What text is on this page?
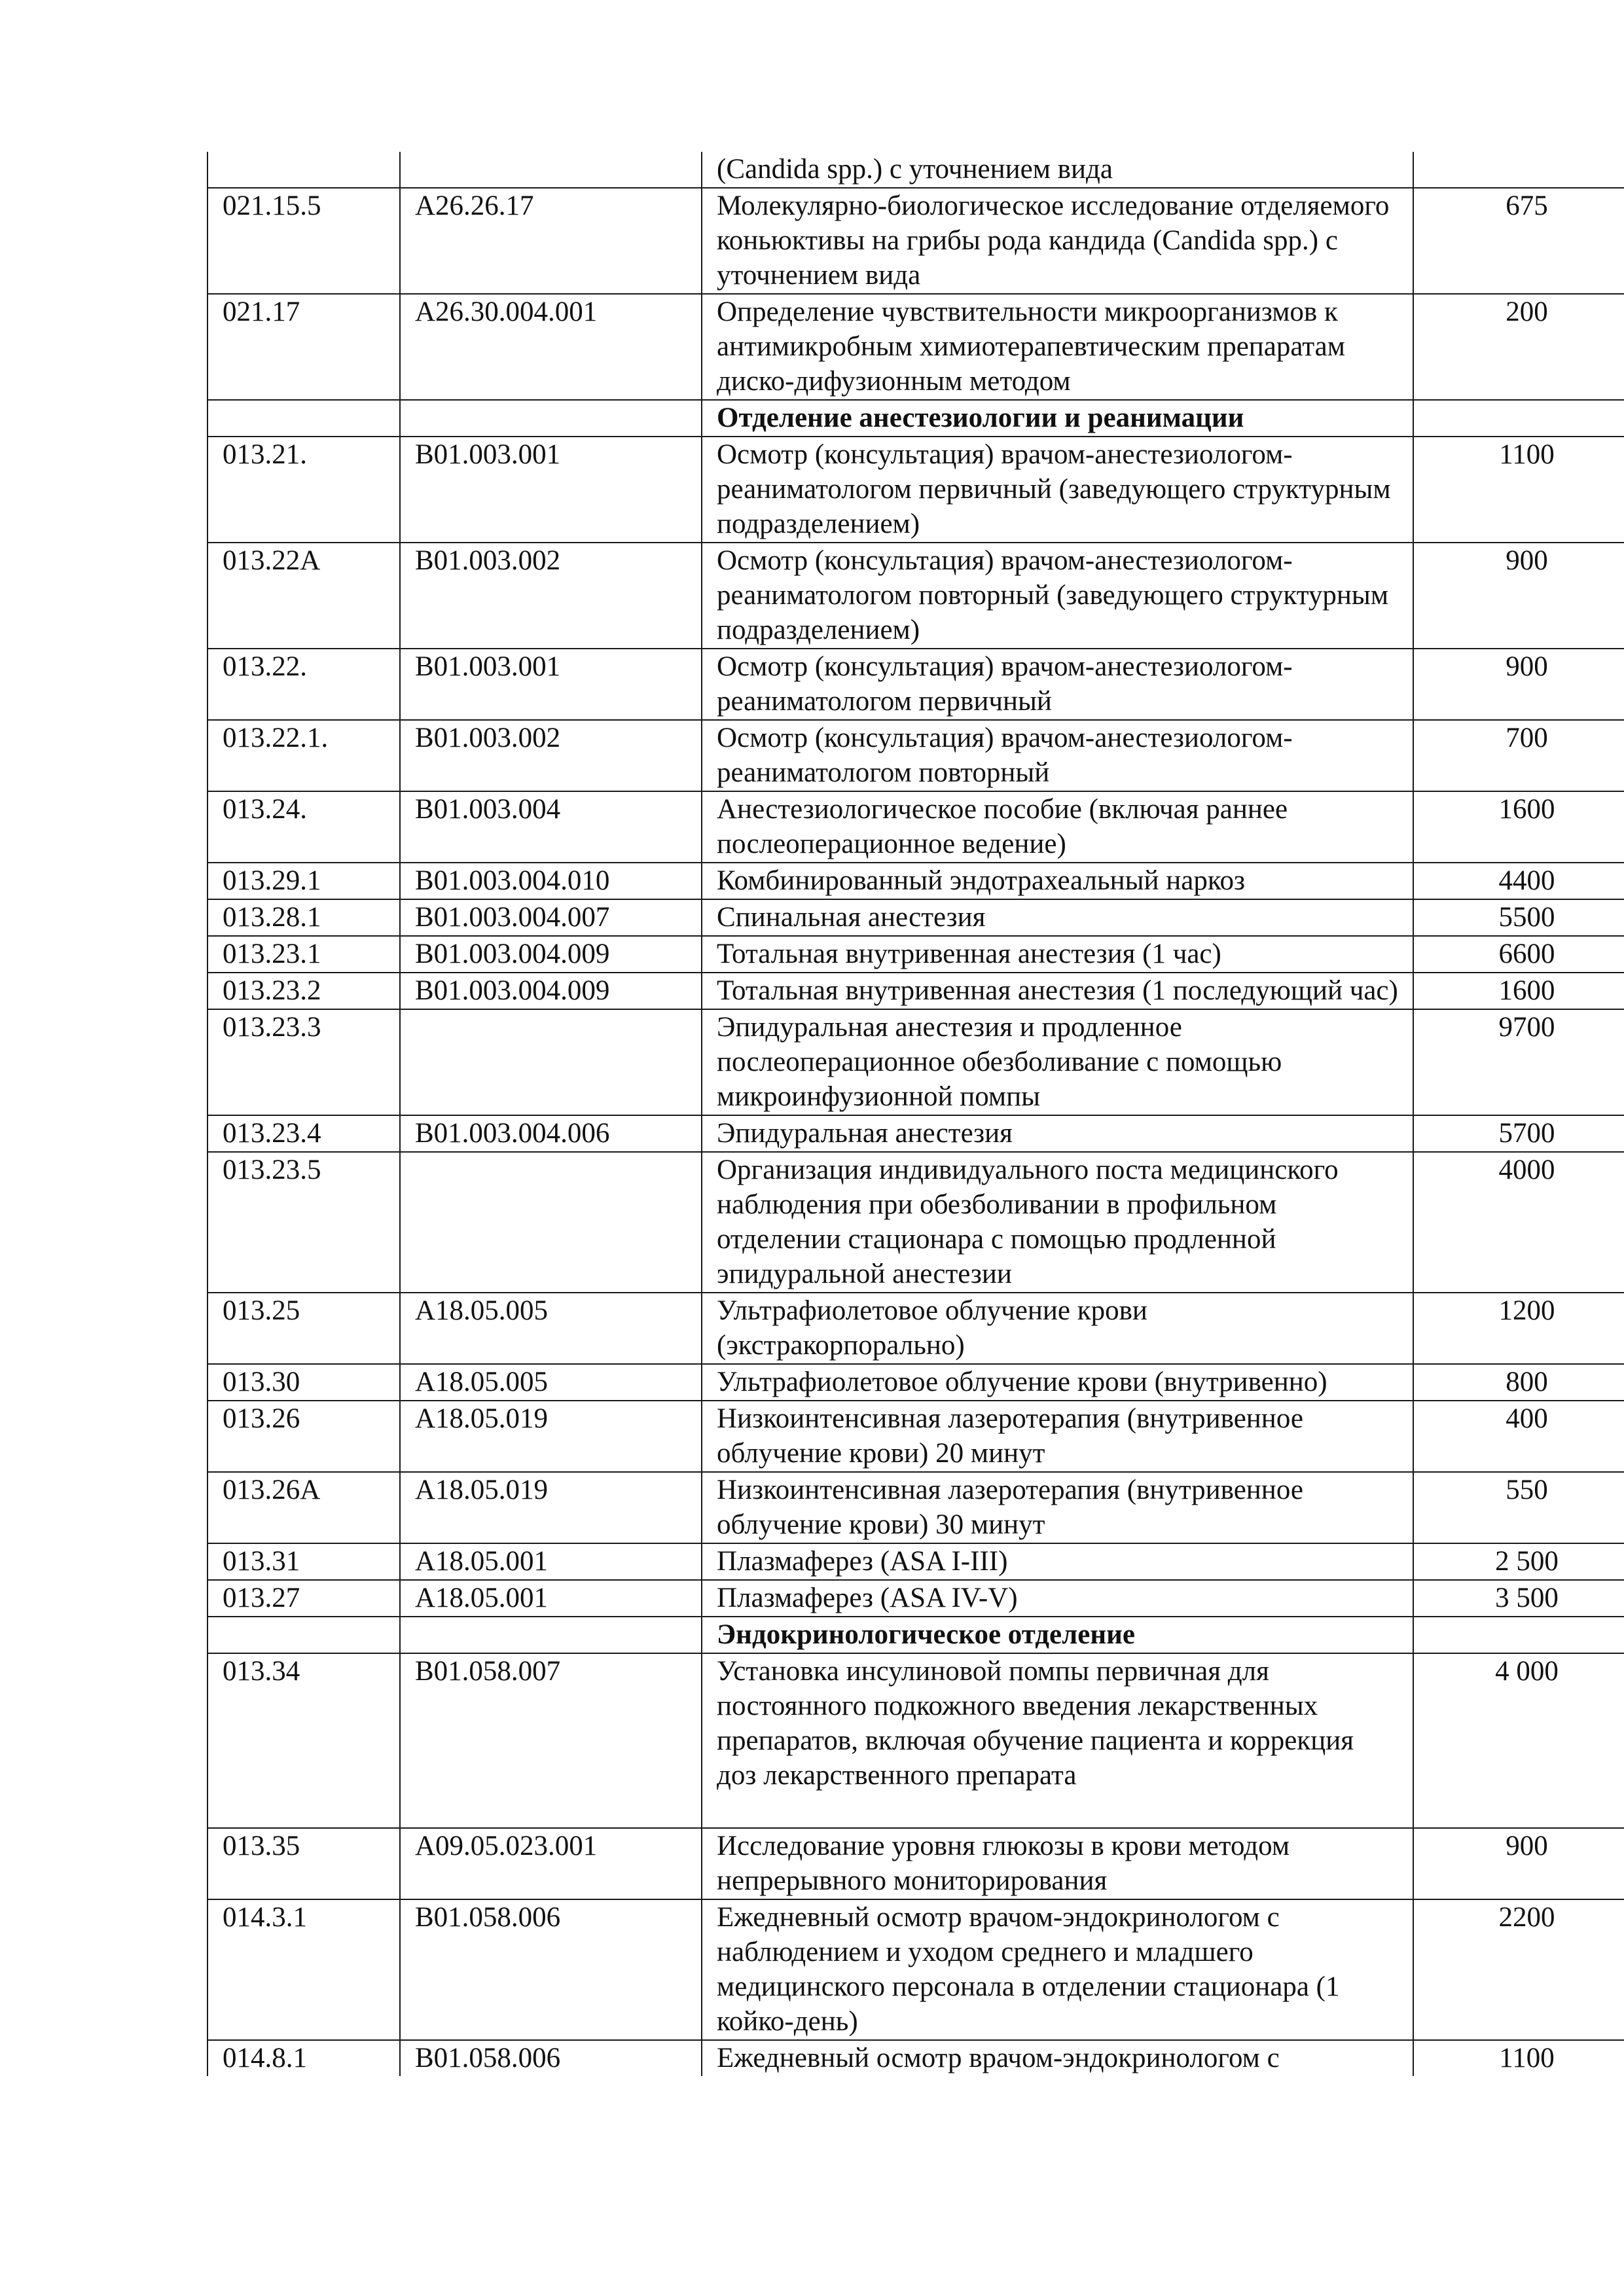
		(Candida spp.) с уточнением вида	
021.15.5	А26.26.17	Молекулярно-биологическое исследование отделяемого коньюктивы на грибы рода кандида (Candida spp.) с уточнением вида	675
021.17	А26.30.004.001	Определение чувствительности микроорганизмов к антимикробным химиотерапевтическим препаратам диско-дифузионным методом	200
		Отделение анестезиологии и реанимации	
013.21.	В01.003.001	Осмотр (консультация) врачом-анестезиологом-реаниматологом первичный (заведующего структурным подразделением)	1100
013.22А	В01.003.002	Осмотр (консультация) врачом-анестезиологом-реаниматологом повторный (заведующего структурным подразделением)	900
013.22.	В01.003.001	Осмотр (консультация) врачом-анестезиологом-реаниматологом первичный	900
013.22.1.	В01.003.002	Осмотр (консультация) врачом-анестезиологом-реаниматологом повторный	700
013.24.	В01.003.004	Анестезиологическое пособие (включая раннее послеоперационное ведение)	1600
013.29.1	В01.003.004.010	Комбинированный эндотрахеальный наркоз	4400
013.28.1	В01.003.004.007	Спинальная анестезия	5500
013.23.1	В01.003.004.009	Тотальная внутривенная анестезия (1 час)	6600
013.23.2	В01.003.004.009	Тотальная внутривенная анестезия (1 последующий час)	1600
013.23.3		Эпидуральная анестезия и продленное послеоперационное обезболивание с помощью микроинфузионной помпы	9700
013.23.4	В01.003.004.006	Эпидуральная анестезия	5700
013.23.5		Организация индивидуального поста медицинского наблюдения при обезболивании в профильном отделении стационара с помощью продленной эпидуральной анестезии	4000
013.25	А18.05.005	Ультрафиолетовое облучение крови (экстракорпорально)	1200
013.30	А18.05.005	Ультрафиолетовое облучение крови (внутривенно)	800
013.26	А18.05.019	Низкоинтенсивная лазеротерапия (внутривенное облучение крови) 20 минут	400
013.26А	А18.05.019	Низкоинтенсивная лазеротерапия (внутривенное облучение крови) 30 минут	550
013.31	А18.05.001	Плазмаферез (ASA I-III)	2 500
013.27	А18.05.001	Плазмаферез (ASA IV-V)	3 500
		Эндокринологическое отделение	
013.34	В01.058.007	Установка инсулиновой помпы первичная для постоянного подкожного введения лекарственных препаратов, включая обучение пациента и коррекция доз лекарственного препарата	4 000
013.35	А09.05.023.001	Исследование уровня глюкозы в крови методом непрерывного мониторирования	900
014.3.1	В01.058.006	Ежедневный осмотр врачом-эндокринологом с наблюдением и уходом среднего и младшего медицинского персонала в отделении стационара (1 койко-день)	2200
014.8.1	В01.058.006	Ежедневный осмотр врачом-эндокринологом с	1100
